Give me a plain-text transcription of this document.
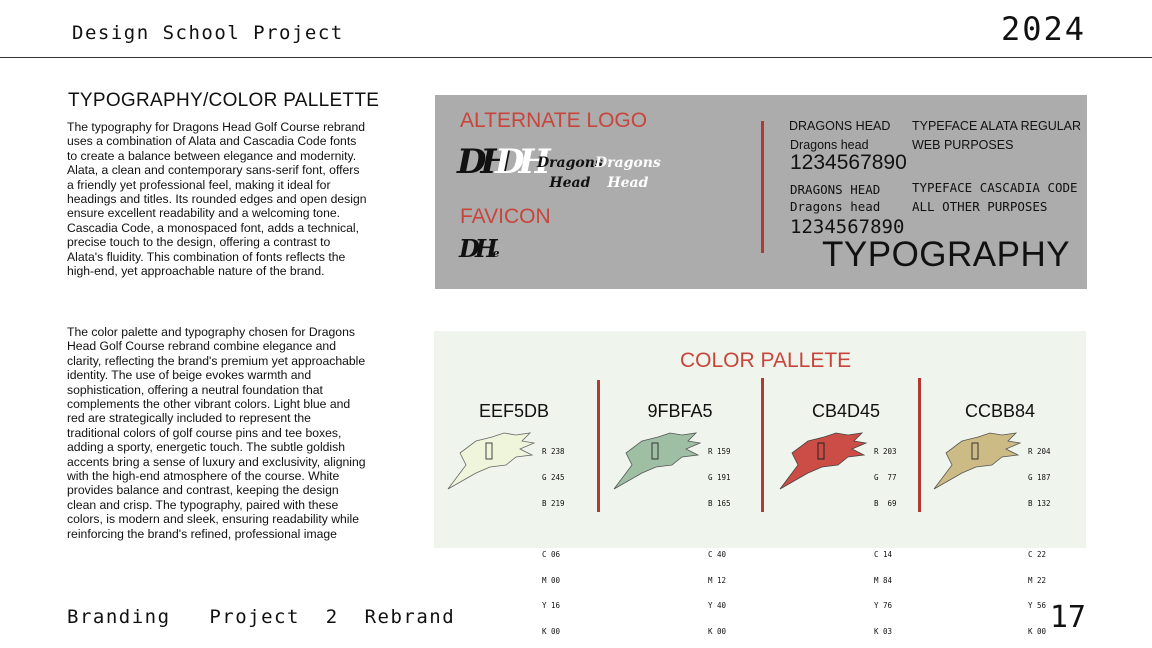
Design School Project	2024
TYPOGRAPHY/COLOR PALLETTE

The typography for Dragons Head Golf Course rebrand uses a combination of Alata and Cascadia Code fonts to create a balance between elegance and modernity. Alata, a clean and contemporary sans-serif font, offers a friendly yet professional feel, making it ideal for headings and titles. Its rounded edges and open design ensure excellent readability and a welcoming tone. Cascadia Code, a monospaced font, adds a technical, precise touch to the design, offering a contrast to Alata's fluidity. This combination of fonts reflects the high-end, yet approachable nature of the brand.

The color palette and typography chosen for Dragons Head Golf Course rebrand combine elegance and clarity, reflecting the brand's premium yet approachable identity. The use of beige evokes warmth and sophistication, offering a neutral foundation that complements the other vibrant colors. Light blue and red are strategically included to represent the traditional colors of golf course pins and tee boxes, adding a sporty, energetic touch. The subtle goldish accents bring a sense of luxury and exclusivity, aligning with the high-end atmosphere of the course. White provides balance and contrast, keeping the design clean and crisp. The typography, paired with these colors, is modern and sleek, ensuring readability while reinforcing the brand's refined, professional image

ALTERNATE LOGO
DH
DH
Dragons
Head
Dragons
Head
FAVICON
DHe
DRAGONS HEAD
Dragons head
1234567890
TYPEFACE ALATA REGULAR
WEB PURPOSES
DRAGONS HEAD
Dragons head
1234567890
TYPEFACE CASCADIA CODE
ALL OTHER PURPOSES
TYPOGRAPHY
COLOR PALLETE
EEF5DB

R 238

G 245

B 219

C 06

M 00

Y 16

K 00

9FBFA5

R 159

G 191

B 165

C 40

M 12

Y 40

K 00

CB4D45

R 203

G  77

B  69

C 14

M 84

Y 76

K 03

CCBB84

R 204

G 187

B 132

C 22

M 22

Y 56

K 00

Branding   Project  2  Rebrand	17
